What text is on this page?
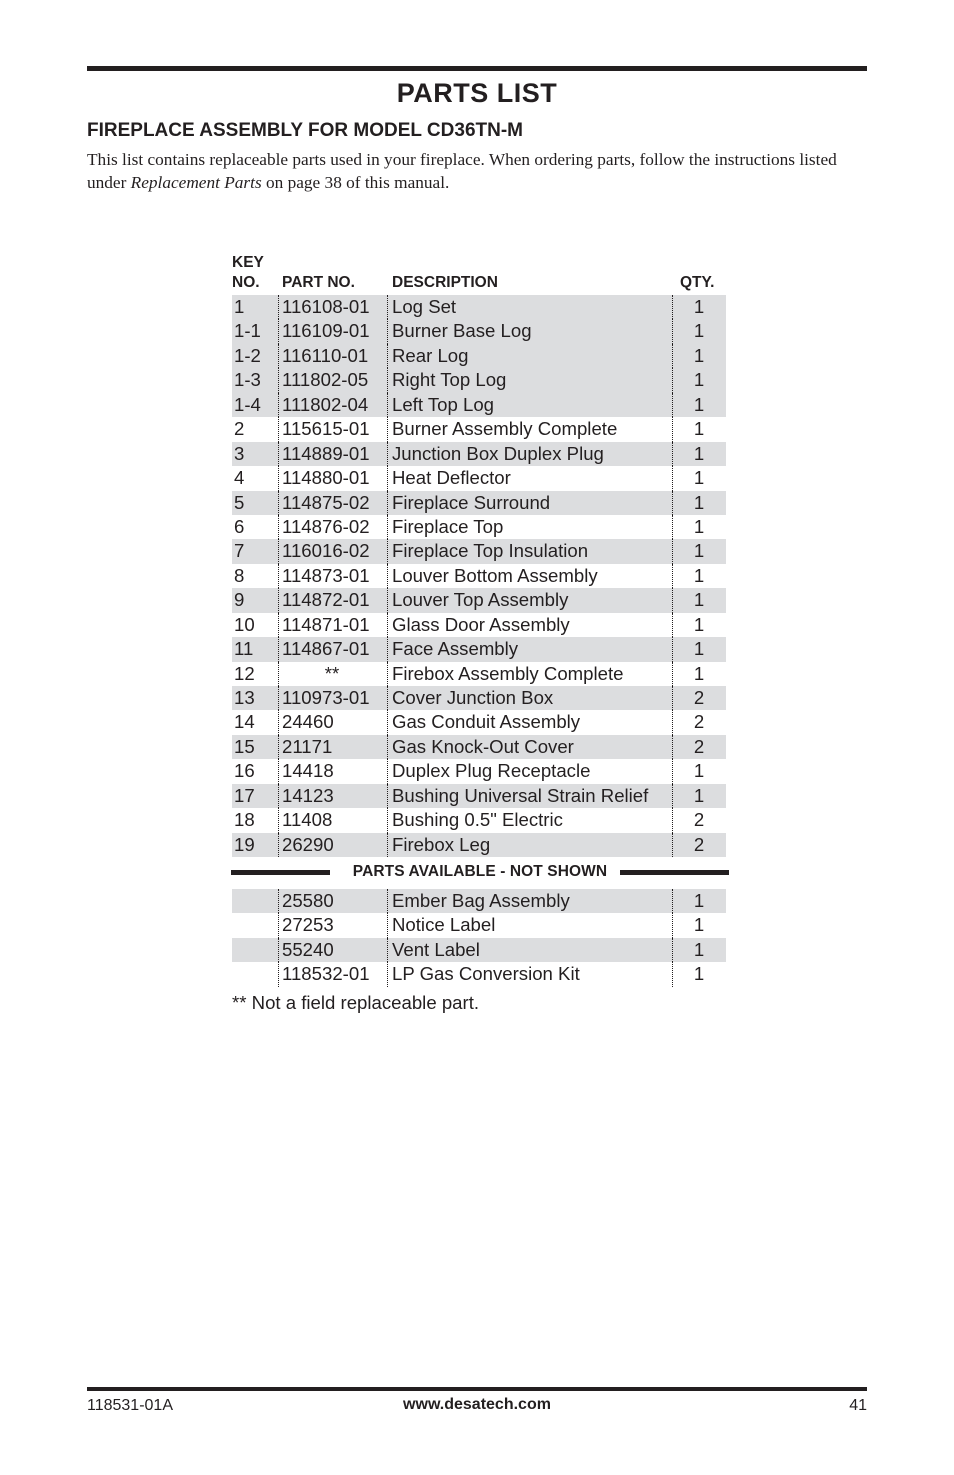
PARTS LIST
FIREPLACE ASSEMBLY FOR MODEL CD36TN-M
This list contains replaceable parts used in your fireplace. When ordering parts, follow the instructions listed under Replacement Parts on page 38 of this manual.
KEY
NO. PART NO. DESCRIPTION	QTY.
1 116108-01 Log Set	1
1-1 116109-01 Burner Base Log	1
1-2 116110-01 Rear Log	1
1-3 111802-05 Right Top Log	1
1-4 111802-04 Left Top Log	1
2 115615-01 Burner Assembly Complete	1
3 114889-01 Junction Box Duplex Plug	1
4 114880-01 Heat Deflector	1
5 114875-02 Fireplace Surround	1
6 114876-02 Fireplace Top	1
7 116016-02 Fireplace Top Insulation	1
8 114873-01 Louver Bottom Assembly	1
9 114872-01 Louver Top Assembly	1
10 114871-01 Glass Door Assembly	1
11 114867-01 Face Assembly	1
12	**	Firebox Assembly Complete	1
13 110973-01 Cover Junction Box	2
14 24460	Gas Conduit Assembly	2
15 21171	Gas Knock-Out Cover	2
16 14418	Duplex Plug Receptacle	1
17 14123	Bushing Universal Strain Relief	1
18 11408	Bushing 0.5" Electric	2
19 26290	Firebox Leg	2
PARTS AVAILABLE - NOT SHOWN
25580	Ember Bag Assembly	1
27253	Notice Label	1
55240	Vent Label	1
118532-01 LP Gas Conversion Kit	1
** Not a field replaceable part.
118531-01A	www.desatech.com	41
